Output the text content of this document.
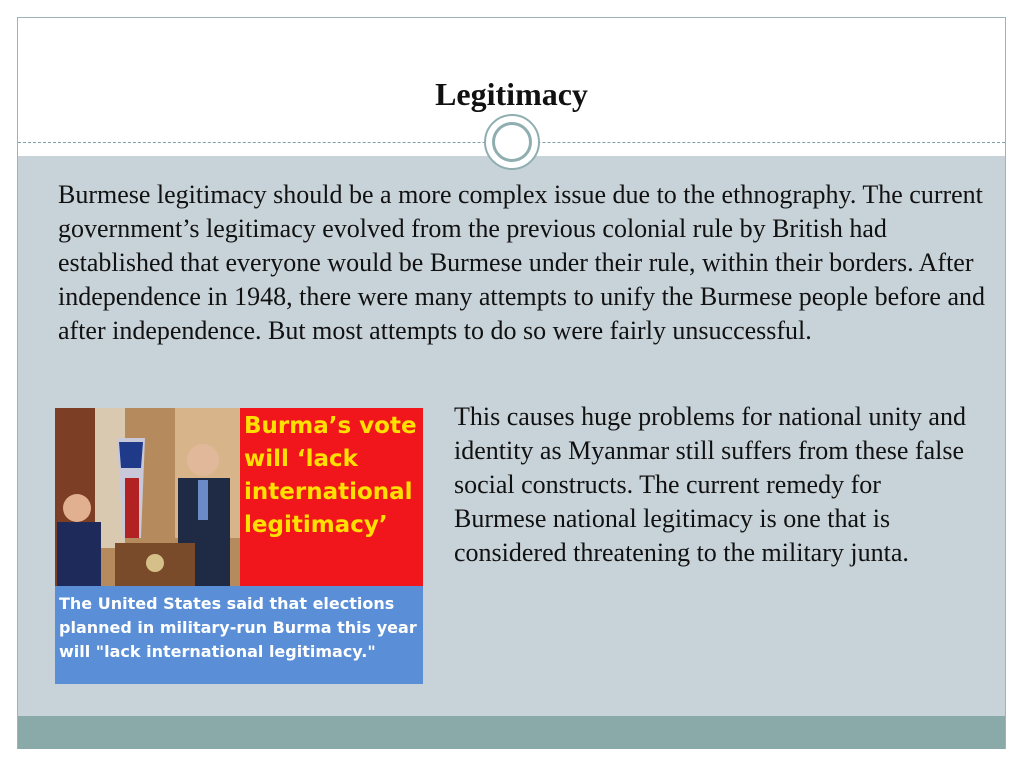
Legitimacy
Burmese legitimacy should be a more complex issue due to the ethnography. The current government’s legitimacy evolved from the previous colonial rule by British had established that everyone would be Burmese under their rule, within their borders. After independence in 1948, there were many attempts to unify the Burmese people before and after independence. But most attempts to do so were fairly unsuccessful.
Burma’s vote will ‘lack international legitimacy’
The United States said that elections planned in military-run Burma this year will "lack international legitimacy."
This causes huge problems for national unity and identity as Myanmar still suffers from these false social constructs. The current remedy for Burmese national legitimacy is one that is considered threatening to the military junta.
